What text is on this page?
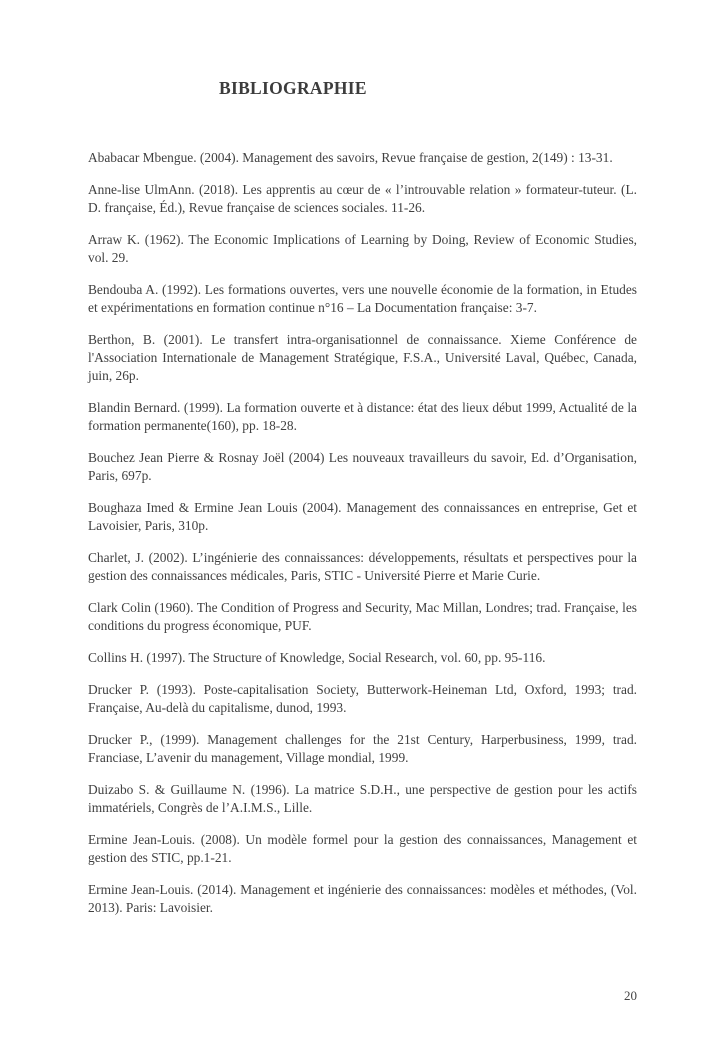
BIBLIOGRAPHIE

Ababacar Mbengue. (2004). Management des savoirs, Revue française de gestion, 2(149) : 13-31.

Anne-lise UlmAnn. (2018). Les apprentis au cœur de « l’introuvable relation » formateur-tuteur. (L. D. française, Éd.), Revue française de sciences sociales. 11-26.

Arraw K. (1962). The Economic Implications of Learning by Doing, Review of Economic Studies, vol. 29.

Bendouba A. (1992). Les formations ouvertes, vers une nouvelle économie de la formation, in Etudes et expérimentations en formation continue n°16 – La Documentation française: 3-7.

Berthon, B. (2001). Le transfert intra-organisationnel de connaissance. Xieme Conférence de l'Association Internationale de Management Stratégique, F.S.A., Université Laval, Québec, Canada, juin, 26p.

Blandin Bernard. (1999). La formation ouverte et à distance: état des lieux début 1999, Actualité de la formation permanente(160), pp. 18-28.

Bouchez Jean Pierre & Rosnay Joël (2004) Les nouveaux travailleurs du savoir, Ed. d’Organisation, Paris, 697p.

Boughaza Imed & Ermine Jean Louis (2004). Management des connaissances en entreprise, Get et Lavoisier, Paris, 310p.

Charlet, J. (2002). L’ingénierie des connaissances: développements, résultats et perspectives pour la gestion des connaissances médicales, Paris, STIC - Université Pierre et Marie Curie.

Clark Colin (1960). The Condition of Progress and Security, Mac Millan, Londres; trad. Française, les conditions du progress économique, PUF.

Collins H. (1997). The Structure of Knowledge, Social Research, vol. 60, pp. 95-116.

Drucker P. (1993). Poste-capitalisation Society, Butterwork-Heineman Ltd, Oxford, 1993; trad. Française, Au-delà du capitalisme, dunod, 1993.

Drucker P., (1999). Management challenges for the 21st Century, Harperbusiness, 1999, trad. Franciase, L’avenir du management, Village mondial, 1999.

Duizabo S. & Guillaume N. (1996). La matrice S.D.H., une perspective de gestion pour les actifs immatériels, Congrès de l’A.I.M.S., Lille.

Ermine Jean-Louis. (2008). Un modèle formel pour la gestion des connaissances, Management et gestion des STIC, pp.1-21.

Ermine Jean-Louis. (2014). Management et ingénierie des connaissances: modèles et méthodes, (Vol. 2013). Paris: Lavoisier.

20
